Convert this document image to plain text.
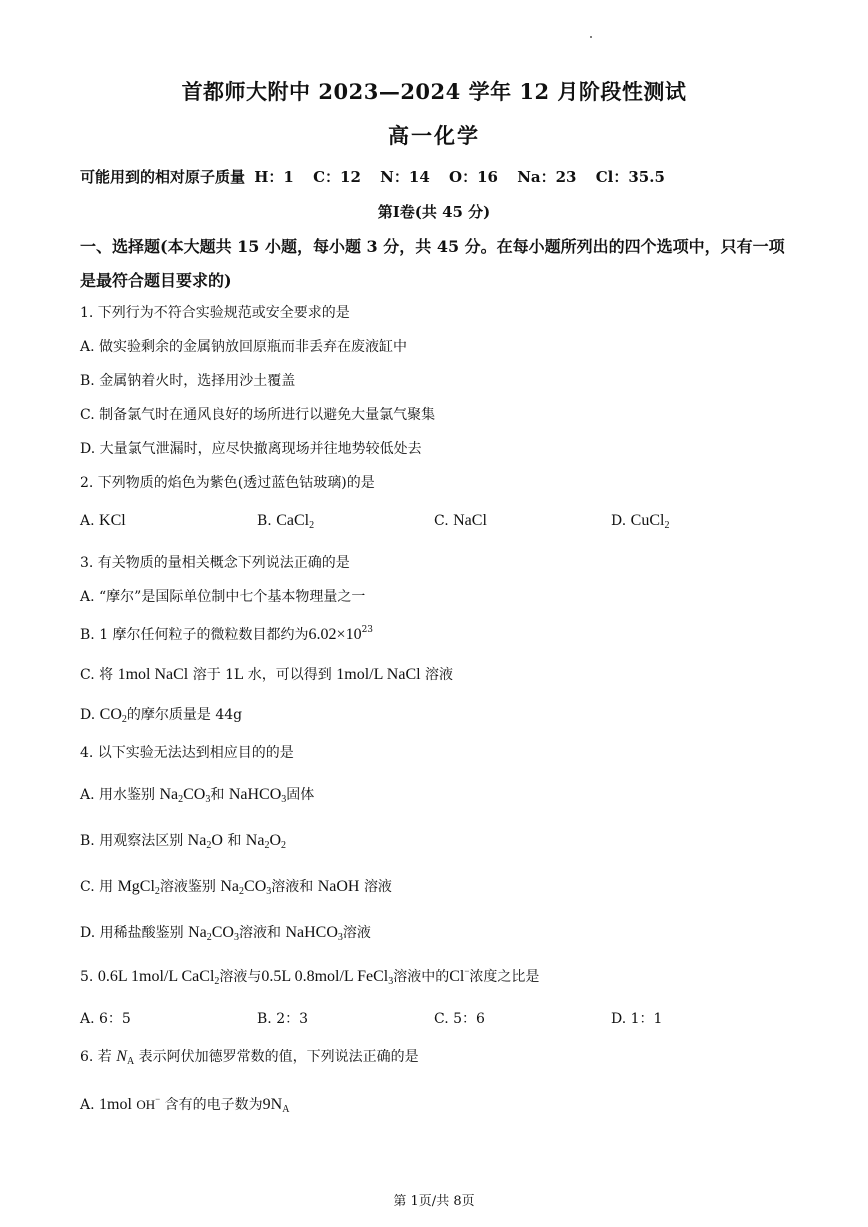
首都师大附中 2023—2024 学年 12 月阶段性测试
高一化学
可能用到的相对原子质量 H：1 C：12 N：14 O：16 Na：23 Cl：35.5
第Ⅰ卷(共 45 分)
一、选择题(本大题共 15 小题，每小题 3 分，共 45 分。在每小题所列出的四个选项中，只有一项是最符合题目要求的)
1. 下列行为不符合实验规范或安全要求的是
A. 做实验剩余的金属钠放回原瓶而非丢弃在废液缸中
B. 金属钠着火时，选择用沙土覆盖
C. 制备氯气时在通风良好的场所进行以避免大量氯气聚集
D. 大量氯气泄漏时，应尽快撤离现场并往地势较低处去
2. 下列物质的焰色为紫色(透过蓝色钴玻璃)的是
A. KCl	B. CaCl$_2$	C. NaCl	D. CuCl$_2$
3. 有关物质的量相关概念下列说法正确的是
A. “摩尔”是国际单位制中七个基本物理量之一
B. 1 摩尔任何粒子的微粒数目都约为$6.02\times 10^{23}$
C. 将 1mol NaCl 溶于 1L 水，可以得到 1mol/L NaCl 溶液
D. $CO_2$的摩尔质量是 44g
4. 以下实验无法达到相应目的的是
A. 用水鉴别 $Na_2CO_3$和 NaHCO$_3$固体
B. 用观察法区别 $Na_2O$ 和 $Na_2O_2$
C. 用 MgCl$_2$溶液鉴别 $Na_2CO_3$溶液和 NaOH 溶液
D. 用稀盐酸鉴别 $Na_2CO_3$溶液和 NaHCO$_3$溶液
5. 0.6L 1mol/L CaCl$_2$溶液与0.5L 0.8mol/L FeCl$_3$溶液中的Cl−浓度之比是
A. 6：5	B. 2：3	C. 5：6	D. 1：1
6. 若 $N_A$ 表示阿伏加德罗常数的值，下列说法正确的是
A. 1mol OH− 含有的电子数为$9N_A$
第 1页/共 8页
